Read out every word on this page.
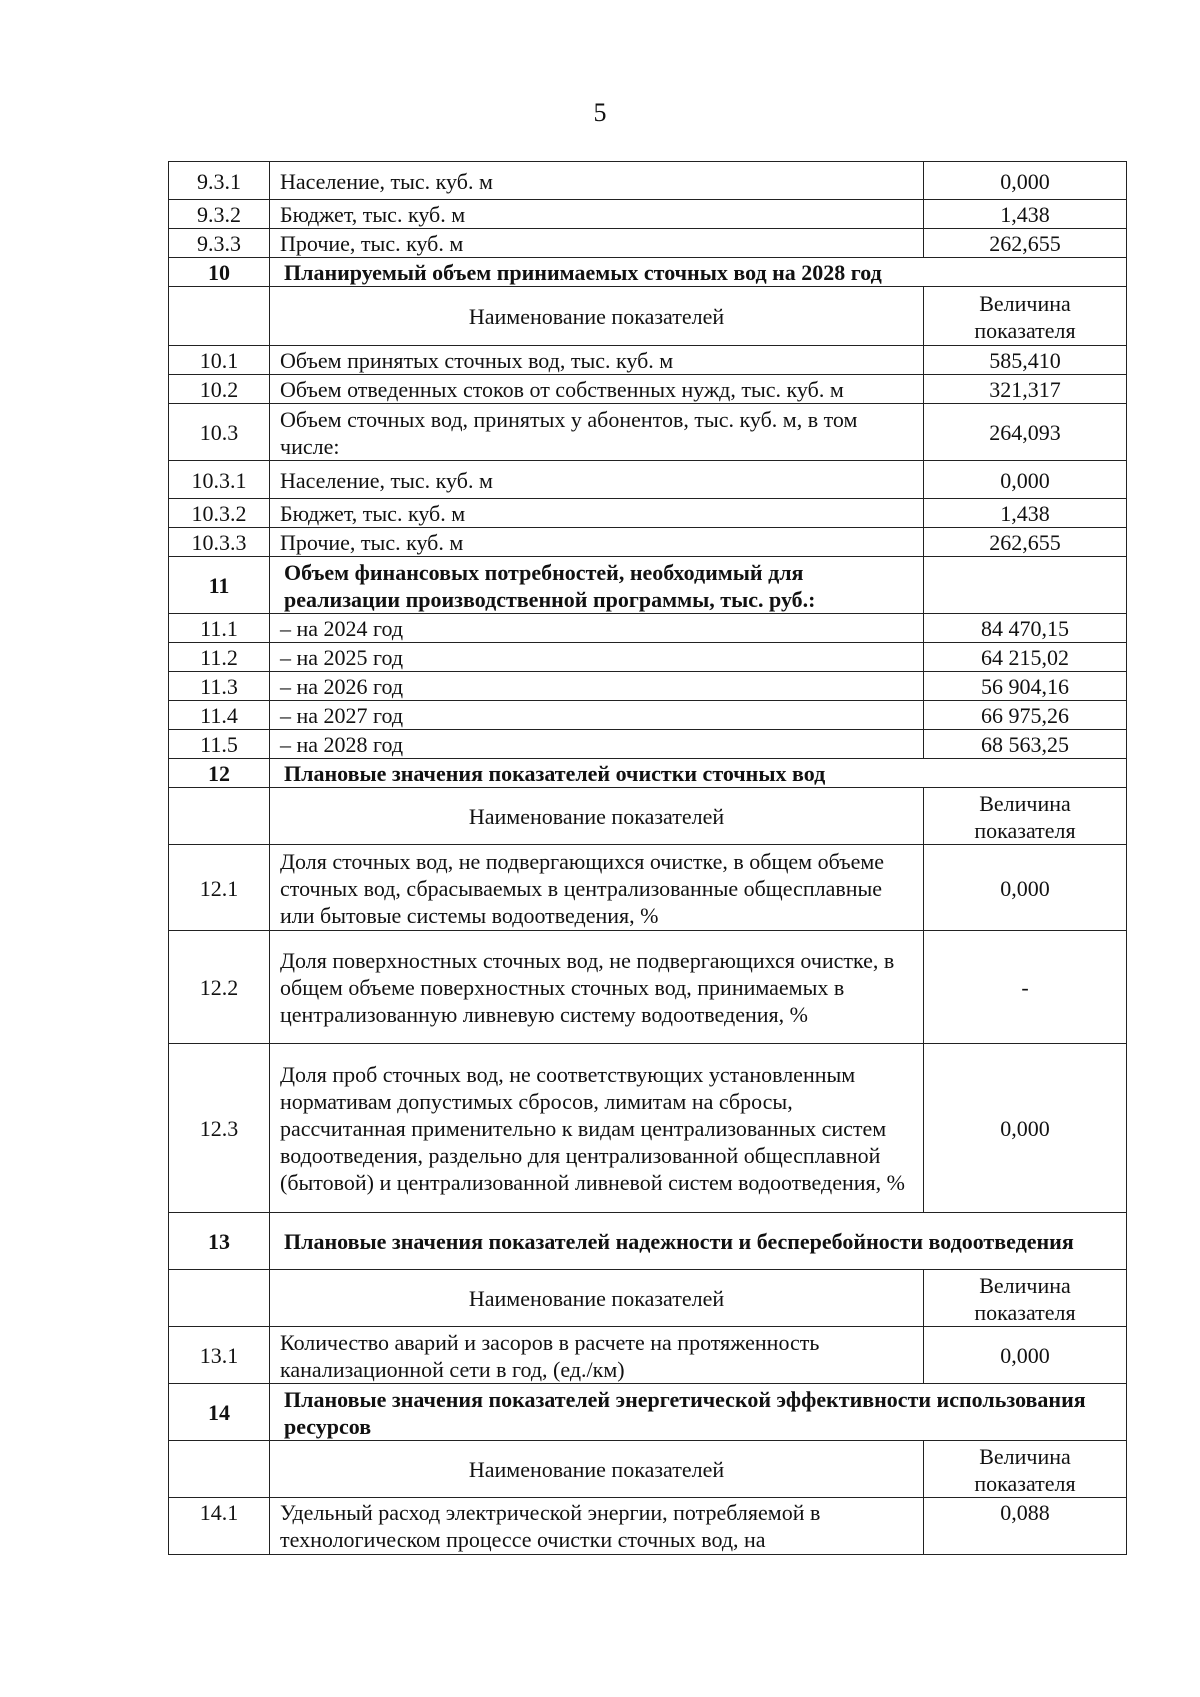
5
9.3.1	Население, тыс. куб. м	0,000
9.3.2	Бюджет, тыс. куб. м	1,438
9.3.3	Прочие, тыс. куб. м	262,655
10	Планируемый объем принимаемых сточных вод на 2028 год	
	Наименование показателей	Величина показателя
10.1	Объем принятых сточных вод, тыс. куб. м	585,410
10.2	Объем отведенных стоков от собственных нужд, тыс. куб. м	321,317
10.3	Объем сточных вод, принятых у абонентов, тыс. куб. м, в том числе:	264,093
10.3.1	Население, тыс. куб. м	0,000
10.3.2	Бюджет, тыс. куб. м	1,438
10.3.3	Прочие, тыс. куб. м	262,655
11	Объем финансовых потребностей, необходимый для реализации производственной программы, тыс. руб.:	
11.1	– на 2024 год	84 470,15
11.2	– на 2025 год	64 215,02
11.3	– на 2026 год	56 904,16
11.4	– на 2027 год	66 975,26
11.5	– на 2028 год	68 563,25
12	Плановые значения показателей очистки сточных вод	
	Наименование показателей	Величина показателя
12.1	Доля сточных вод, не подвергающихся очистке, в общем объеме сточных вод, сбрасываемых в централизованные общесплавные или бытовые системы водоотведения, %	0,000
12.2	Доля поверхностных сточных вод, не подвергающихся очистке, в общем объеме поверхностных сточных вод, принимаемых в централизованную ливневую систему водоотведения, %	-
12.3	Доля проб сточных вод, не соответствующих установленным нормативам допустимых сбросов, лимитам на сбросы, рассчитанная применительно к видам централизованных систем водоотведения, раздельно для централизованной общесплавной (бытовой) и централизованной ливневой систем водоотведения, %	0,000
13	Плановые значения показателей надежности и бесперебойности водоотведения	
	Наименование показателей	Величина показателя
13.1	Количество аварий и засоров в расчете на протяженность канализационной сети в год, (ед./км)	0,000
14	Плановые значения показателей энергетической эффективности использования ресурсов	
	Наименование показателей	Величина показателя
14.1	Удельный расход электрической энергии, потребляемой в технологическом процессе очистки сточных вод, на	0,088
